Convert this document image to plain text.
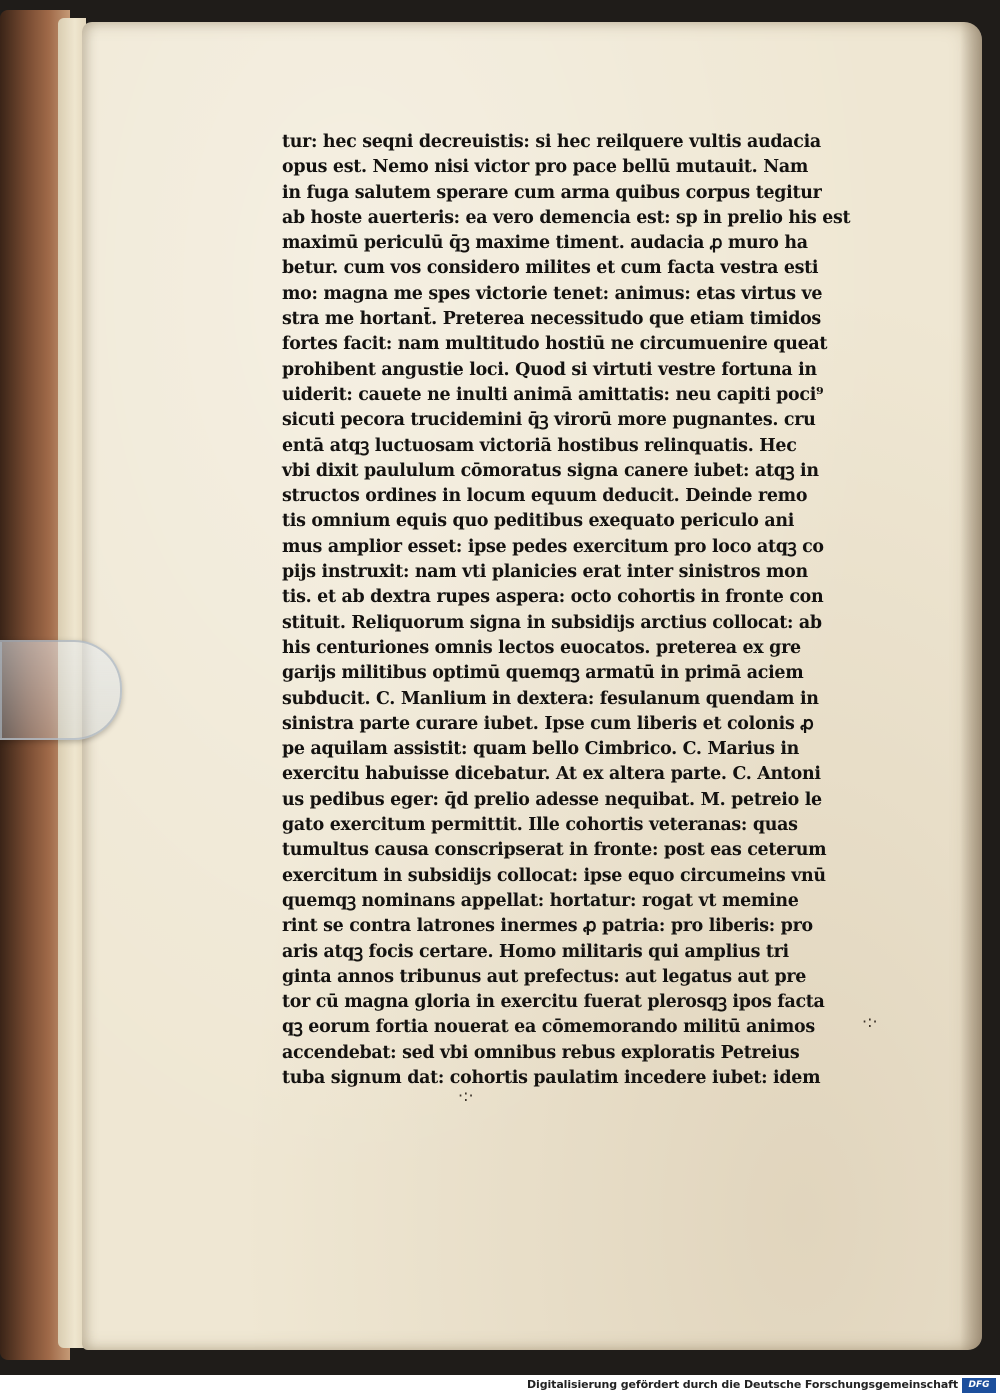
tur: hec seqni decreuistis: si hec reilquere vultis audacia
opus est. Nemo nisi victor pro pace bellū mutauit. Nam
in fuga salutem sperare cum arma quibus corpus tegitur
ab hoste auerteris: ea vero demencia est: sp in prelio his est
maximū periculū q̄ꝫ maxime timent. audacia ꝓ muro ha
betur. cum vos considero milites et cum facta vestra esti
mo: magna me spes victorie tenet: animus: etas virtus ve
stra me hortant̄. Preterea necessitudo que etiam timidos
fortes facit: nam multitudo hostiū ne circumuenire queat
prohibent angustie loci. Quod si virtuti vestre fortuna in
uiderit: cauete ne inulti animā amittatis: neu capiti poci⁹
sicuti pecora trucidemini q̄ꝫ virorū more pugnantes. cru
entā atqꝫ luctuosam victoriā hostibus relinquatis. Hec
vbi dixit paululum cōmoratus signa canere iubet: atqꝫ in
structos ordines in locum equum deducit. Deinde remo
tis omnium equis quo peditibus exequato periculo ani
mus amplior esset: ipse pedes exercitum pro loco atqꝫ co
pijs instruxit: nam vti planicies erat inter sinistros mon
tis. et ab dextra rupes aspera: octo cohortis in fronte con
stituit. Reliquorum signa in subsidijs arctius collocat: ab
his centuriones omnis lectos euocatos. preterea ex gre
garijs militibus optimū quemqꝫ armatū in primā aciem
subducit. C. Manlium in dextera: fesulanum quendam in
sinistra parte curare iubet. Ipse cum liberis et colonis ꝓ
pe aquilam assistit: quam bello Cimbrico. C. Marius in
exercitu habuisse dicebatur. At ex altera parte. C. Antoni
us pedibus eger: q̄d prelio adesse nequibat. M. petreio le
gato exercitum permittit. Ille cohortis veteranas: quas
tumultus causa conscripserat in fronte: post eas ceterum
exercitum in subsidijs collocat: ipse equo circumeins vnū
quemqꝫ nominans appellat: hortatur: rogat vt memine
rint se contra latrones inermes ꝓ patria: pro liberis: pro
aris atqꝫ focis certare. Homo militaris qui amplius tri
ginta annos tribunus aut prefectus: aut legatus aut pre
tor cū magna gloria in exercitu fuerat plerosqꝫ ipos facta
qꝫ eorum fortia nouerat ea cōmemorando militū animos
accendebat: sed vbi omnibus rebus exploratis Petreius
tuba signum dat: cohortis paulatim incedere iubet: idem
·:·
·:·
Digitalisierung gefördert durch die Deutsche Forschungsgemeinschaft	DFG
